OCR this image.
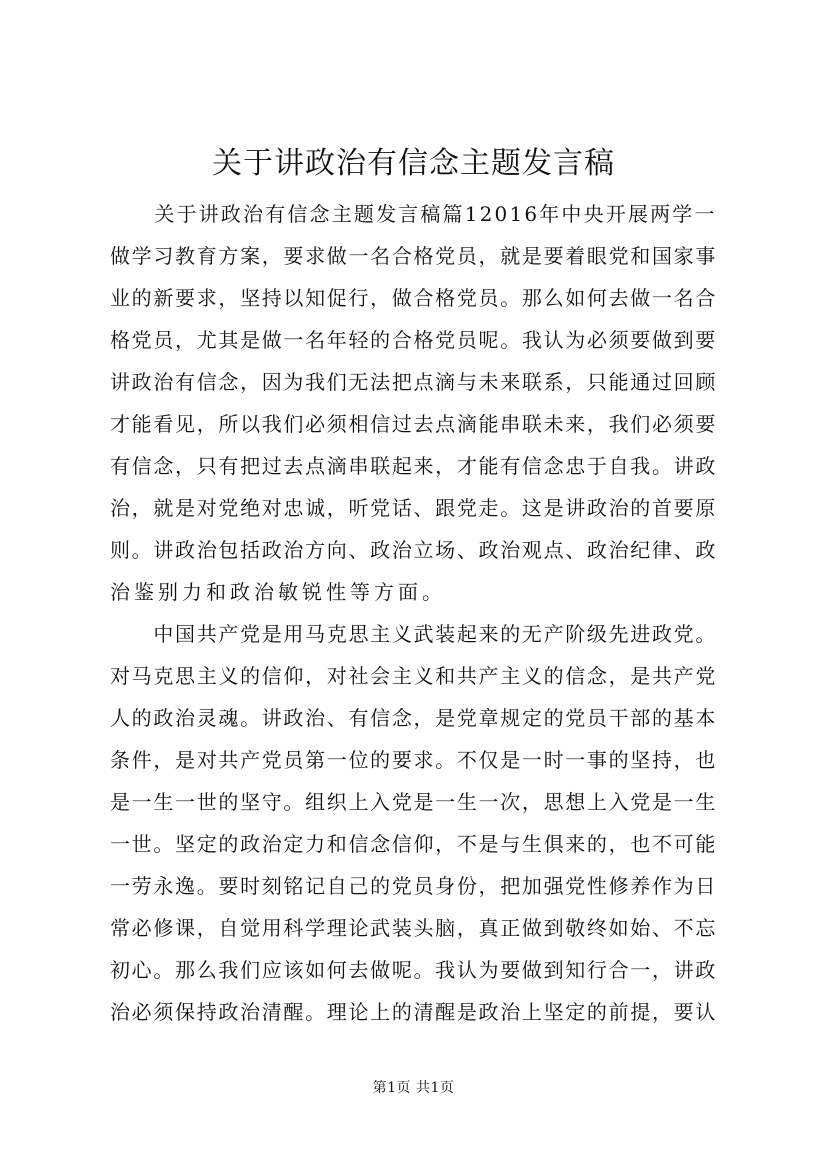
关于讲政治有信念主题发言稿
　　关于讲政治有信念主题发言稿篇12016年中央开展两学一
做学习教育方案，要求做一名合格党员，就是要着眼党和国家事
业的新要求，坚持以知促行，做合格党员。那么如何去做一名合
格党员，尤其是做一名年轻的合格党员呢。我认为必须要做到要
讲政治有信念，因为我们无法把点滴与未来联系，只能通过回顾
才能看见，所以我们必须相信过去点滴能串联未来，我们必须要
有信念，只有把过去点滴串联起来，才能有信念忠于自我。讲政
治，就是对党绝对忠诚，听党话、跟党走。这是讲政治的首要原
则。讲政治包括政治方向、政治立场、政治观点、政治纪律、政
治鉴别力和政治敏锐性等方面。
　　中国共产党是用马克思主义武装起来的无产阶级先进政党。
对马克思主义的信仰，对社会主义和共产主义的信念，是共产党
人的政治灵魂。讲政治、有信念，是党章规定的党员干部的基本
条件，是对共产党员第一位的要求。不仅是一时一事的坚持，也
是一生一世的坚守。组织上入党是一生一次，思想上入党是一生
一世。坚定的政治定力和信念信仰，不是与生俱来的，也不可能
一劳永逸。要时刻铭记自己的党员身份，把加强党性修养作为日
常必修课，自觉用科学理论武装头脑，真正做到敬终如始、不忘
初心。那么我们应该如何去做呢。我认为要做到知行合一，讲政
治必须保持政治清醒。理论上的清醒是政治上坚定的前提，要认
第1页 共1页
